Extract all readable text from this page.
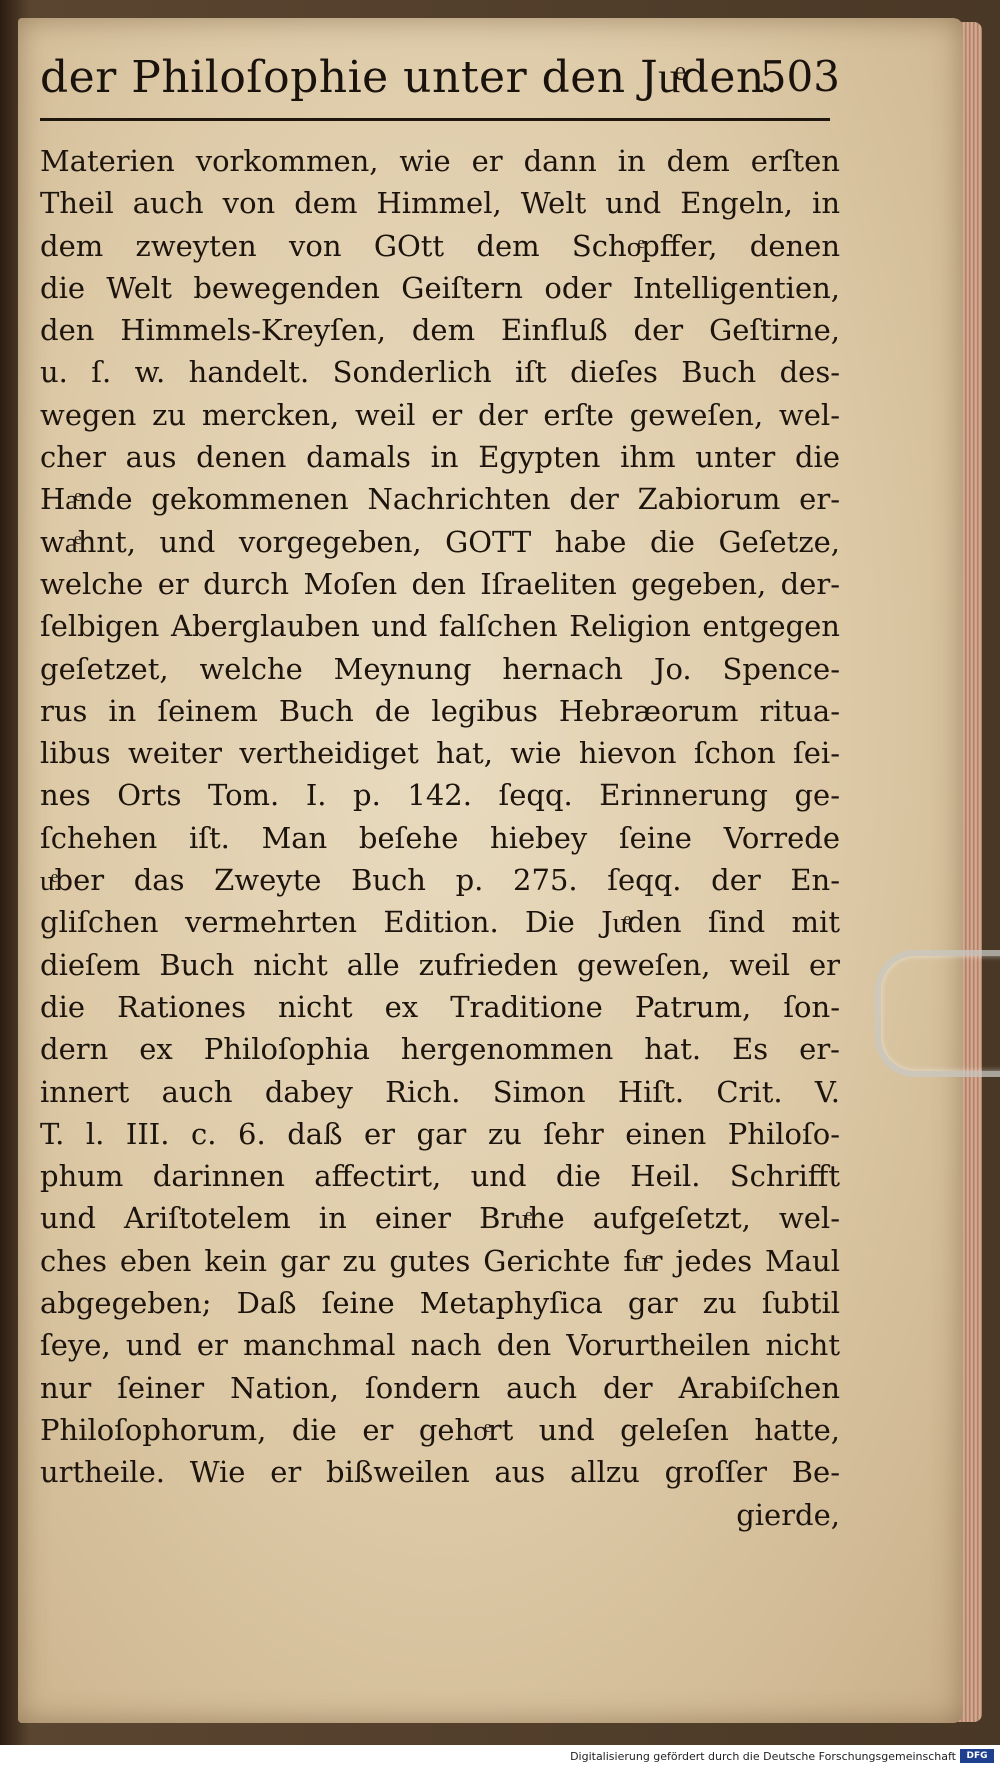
der Philoſophie unter den Juͤden.
503
Materien vorkommen, wie er dann in dem erſten
Theil auch von dem Himmel, Welt und Engeln, in
dem zweyten von GOtt dem Schoͤpffer, denen
die Welt bewegenden Geiſtern oder Intelligentien,
den Himmels-Kreyſen, dem Einfluß der Geſtirne,
u. ſ. w. handelt. Sonderlich iſt dieſes Buch des-
wegen zu mercken, weil er der erſte geweſen, wel-
cher aus denen damals in Egypten ihm unter die
Haͤnde gekommenen Nachrichten der Zabiorum er-
waͤhnt, und vorgegeben, GOTT habe die Geſetze,
welche er durch Moſen den Iſraeliten gegeben, der-
ſelbigen Aberglauben und falſchen Religion entgegen
geſetzet, welche Meynung hernach Jo. Spence-
rus in ſeinem Buch de legibus Hebræorum ritua-
libus weiter vertheidiget hat, wie hievon ſchon ſei-
nes Orts Tom. I. p. 142. ſeqq. Erinnerung ge-
ſchehen iſt. Man beſehe hiebey ſeine Vorrede
uͤber das Zweyte Buch p. 275. ſeqq. der En-
gliſchen vermehrten Edition. Die Juͤden ſind mit
dieſem Buch nicht alle zufrieden geweſen, weil er
die Rationes nicht ex Traditione Patrum, ſon-
dern ex Philoſophia hergenommen hat. Es er-
innert auch dabey Rich. Simon Hiſt. Crit. V.
T. l. III. c. 6. daß er gar zu ſehr einen Philoſo-
phum darinnen affectirt, und die Heil. Schrifft
und Ariſtotelem in einer Bruͤhe aufgeſetzt, wel-
ches eben kein gar zu gutes Gerichte fuͤr jedes Maul
abgegeben; Daß ſeine Metaphyſica gar zu ſubtil
ſeye, und er manchmal nach den Vorurtheilen nicht
nur ſeiner Nation, ſondern auch der Arabiſchen
Philoſophorum, die er gehoͤrt und geleſen hatte,
urtheile. Wie er bißweilen aus allzu groſſer Be-
gierde,
Digitalisierung gefördert durch die Deutsche Forschungsgemeinschaft	DFG
